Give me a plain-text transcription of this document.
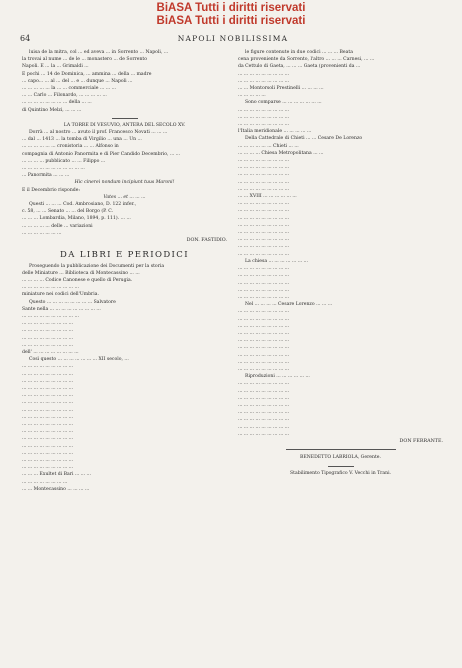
BiASA Tutti i diritti riservati
BiASA Tutti i diritti riservati
64	NAPOLI NOBILISSIMA
luisa de la mitra, col ... ed aveva ... in Sorrento ... Napoli, ...
la trovai al nume ... de le ... monastero ... de Sorrento
Napoli. E ... la ... Grimaldi ...
E pochi ... 14 de Dominica, ... ammina ... della ... madre
... capo... ... al ... del ... e ... dunque ... Napoli ...
... ... ... ... ... la ... ... commerciale ... ... ...
... ... Carlo ... Filonardo, ... ... ... ... ...
... ... ... ... ... ... ... ... della ... ...
di Quintino Melzi, ... ... ...
LA TORRE DI VESUVIO, ANTERA DEL SECOLO XV.
Dorrà ... al nostro ... avuto il prof. Francesco Novati ... ... ...
... dal ... 1413 ... la tomba di Virgilio ... una ... Un ...
... ... ... ... ... ... cronistoria ... ... Alfonso in
compagnia di Antonio Panormita e di Pier Candido Decembrio, ... ...
... ... ... ... pubblicato ... ... Filippo ...
... ... ... ... ... ... ... ... ... ... ...
... Panormita ... ... ...
Hic cinerei nondum incipiunt tuus Maroni!
E il Decembrio risponde:
Vates ... et ... ... ...
Questi ... ... ... Cod. Ambrosiano, D. 122 infer.,
c. 58, ... ... Senato ... ... del Borgo (P. C.
... ... ... Lombardia, Milano, 1894, p. 111). ... ...
... ... ... ... ... delle ... variazioni
... ... ... ... ... ... ...
DON. FASTIDIO.
DA LIBRI E PERIODICI
Proseguendo la pubblicazione dei Documenti per la storia
delle Miniature ... Biblioteca di Montecassino ... ...
... ... ... ... Codice Canonese e quello di Perugia.
... ... ... ... ... ... ... ... ... ...
miniature nei codici dell'Umbria.
Questo ... ... ... ... ... ... ... ... Salvatore
Sante nella ... ... ... ... ... ... ... ... ...
... ... ... ... ... ... ... ... ... ...
... ... ... ... ... ... ... ... ...
... ... ... ... ... ... ... ... ...
... ... ... ... ... ... ... ... ...
... ... ... ... ... ... ... ... ...
dell' ... ... ... ... ... ... ... ...
Così questo ... ... ... ... ... ... ... XII secolo, ...
... ... ... ... ... ... ... ... ...
... ... ... ... ... ... ... ... ...
... ... ... ... ... ... ... ... ...
... ... ... ... ... ... ... ... ...
... ... ... ... ... ... ... ... ...
... ... ... ... ... ... ... ... ...
... ... ... ... ... ... ... ... ...
... ... ... ... ... ... ... ... ...
... ... ... ... ... ... ... ... ...
... ... ... ... ... ... ... ... ...
... ... ... ... ... ... ... ... ...
... ... ... ... ... ... ... ... ...
... ... ... ... ... ... ... ... ...
... ... ... ... ... ... ... ... ...
... ... ... ... ... ... ... ... ...
... ... ... Exultet di Bari ... ... ...
... ... ... ... ... ... ... ...
... ... Montecassino ... ... ... ...
le figure contenute in due codici ... ... ... Beata
cena proveniente da Sorrento, l'altro ... ... ... Carnesi, ... ...
da Cettulo di Gaeta, ... ... ... Gaeta (provenienti da ...
... ... ... ... ... ... ... ... ...
... ... ... ... ... ... ... ... ...
... ... Montorsoli Prestinelli ... ... ... ...
... ... ... ... ...
Sono comparse ... ... ... ... ... ... ...
... ... ... ... ... ... ... ... ...
... ... ... ... ... ... ... ... ...
... ... ... ... ... ... ... ... ...
l'Italia meridionale ... ... ... ... ...
Della Cattedrale di Chieti ... ... Cesare De Lorenzo
... ... ... ... ... ... Chieti ... ...
... ... ... ... Chiesa Metropolitana ... ...
... ... ... ... ... ... ... ... ...
... ... ... ... ... ... ... ... ...
... ... ... ... ... ... ... ... ...
... ... ... ... ... ... ... ... ...
... ... ... ... ... ... ... ... ...
... ... XVIII ... ... ... ... ... ...
... ... ... ... ... ... ... ... ...
... ... ... ... ... ... ... ... ...
... ... ... ... ... ... ... ... ...
... ... ... ... ... ... ... ... ...
... ... ... ... ... ... ... ... ...
... ... ... ... ... ... ... ... ...
... ... ... ... ... ... ... ... ...
... ... ... ... ... ... ... ... ...
La chiesa ... ... ... ... ... ... ...
... ... ... ... ... ... ... ... ...
... ... ... ... ... ... ... ... ...
... ... ... ... ... ... ... ... ...
... ... ... ... ... ... ... ... ...
... ... ... ... ... ... ... ... ...
Nel ... ... ... ... Cesare Lorenzo ... ... ...
... ... ... ... ... ... ... ... ...
... ... ... ... ... ... ... ... ...
... ... ... ... ... ... ... ... ...
... ... ... ... ... ... ... ... ...
... ... ... ... ... ... ... ... ...
... ... ... ... ... ... ... ... ...
... ... ... ... ... ... ... ... ...
... ... ... ... ... ... ... ... ...
... ... ... ... ... ... ... ... ...
Riproduzioni ... ... ... ... ... ...
... ... ... ... ... ... ... ... ...
... ... ... ... ... ... ... ... ...
... ... ... ... ... ... ... ... ...
... ... ... ... ... ... ... ... ...
... ... ... ... ... ... ... ... ...
... ... ... ... ... ... ... ... ...
... ... ... ... ... ... ... ... ...
... ... ... ... ... ... ... ... ...
DON FERRANTE.
BENEDETTO LABRIOLA, Gerente.
Stabilimento Tipografico V. Vecchi in Trani.
